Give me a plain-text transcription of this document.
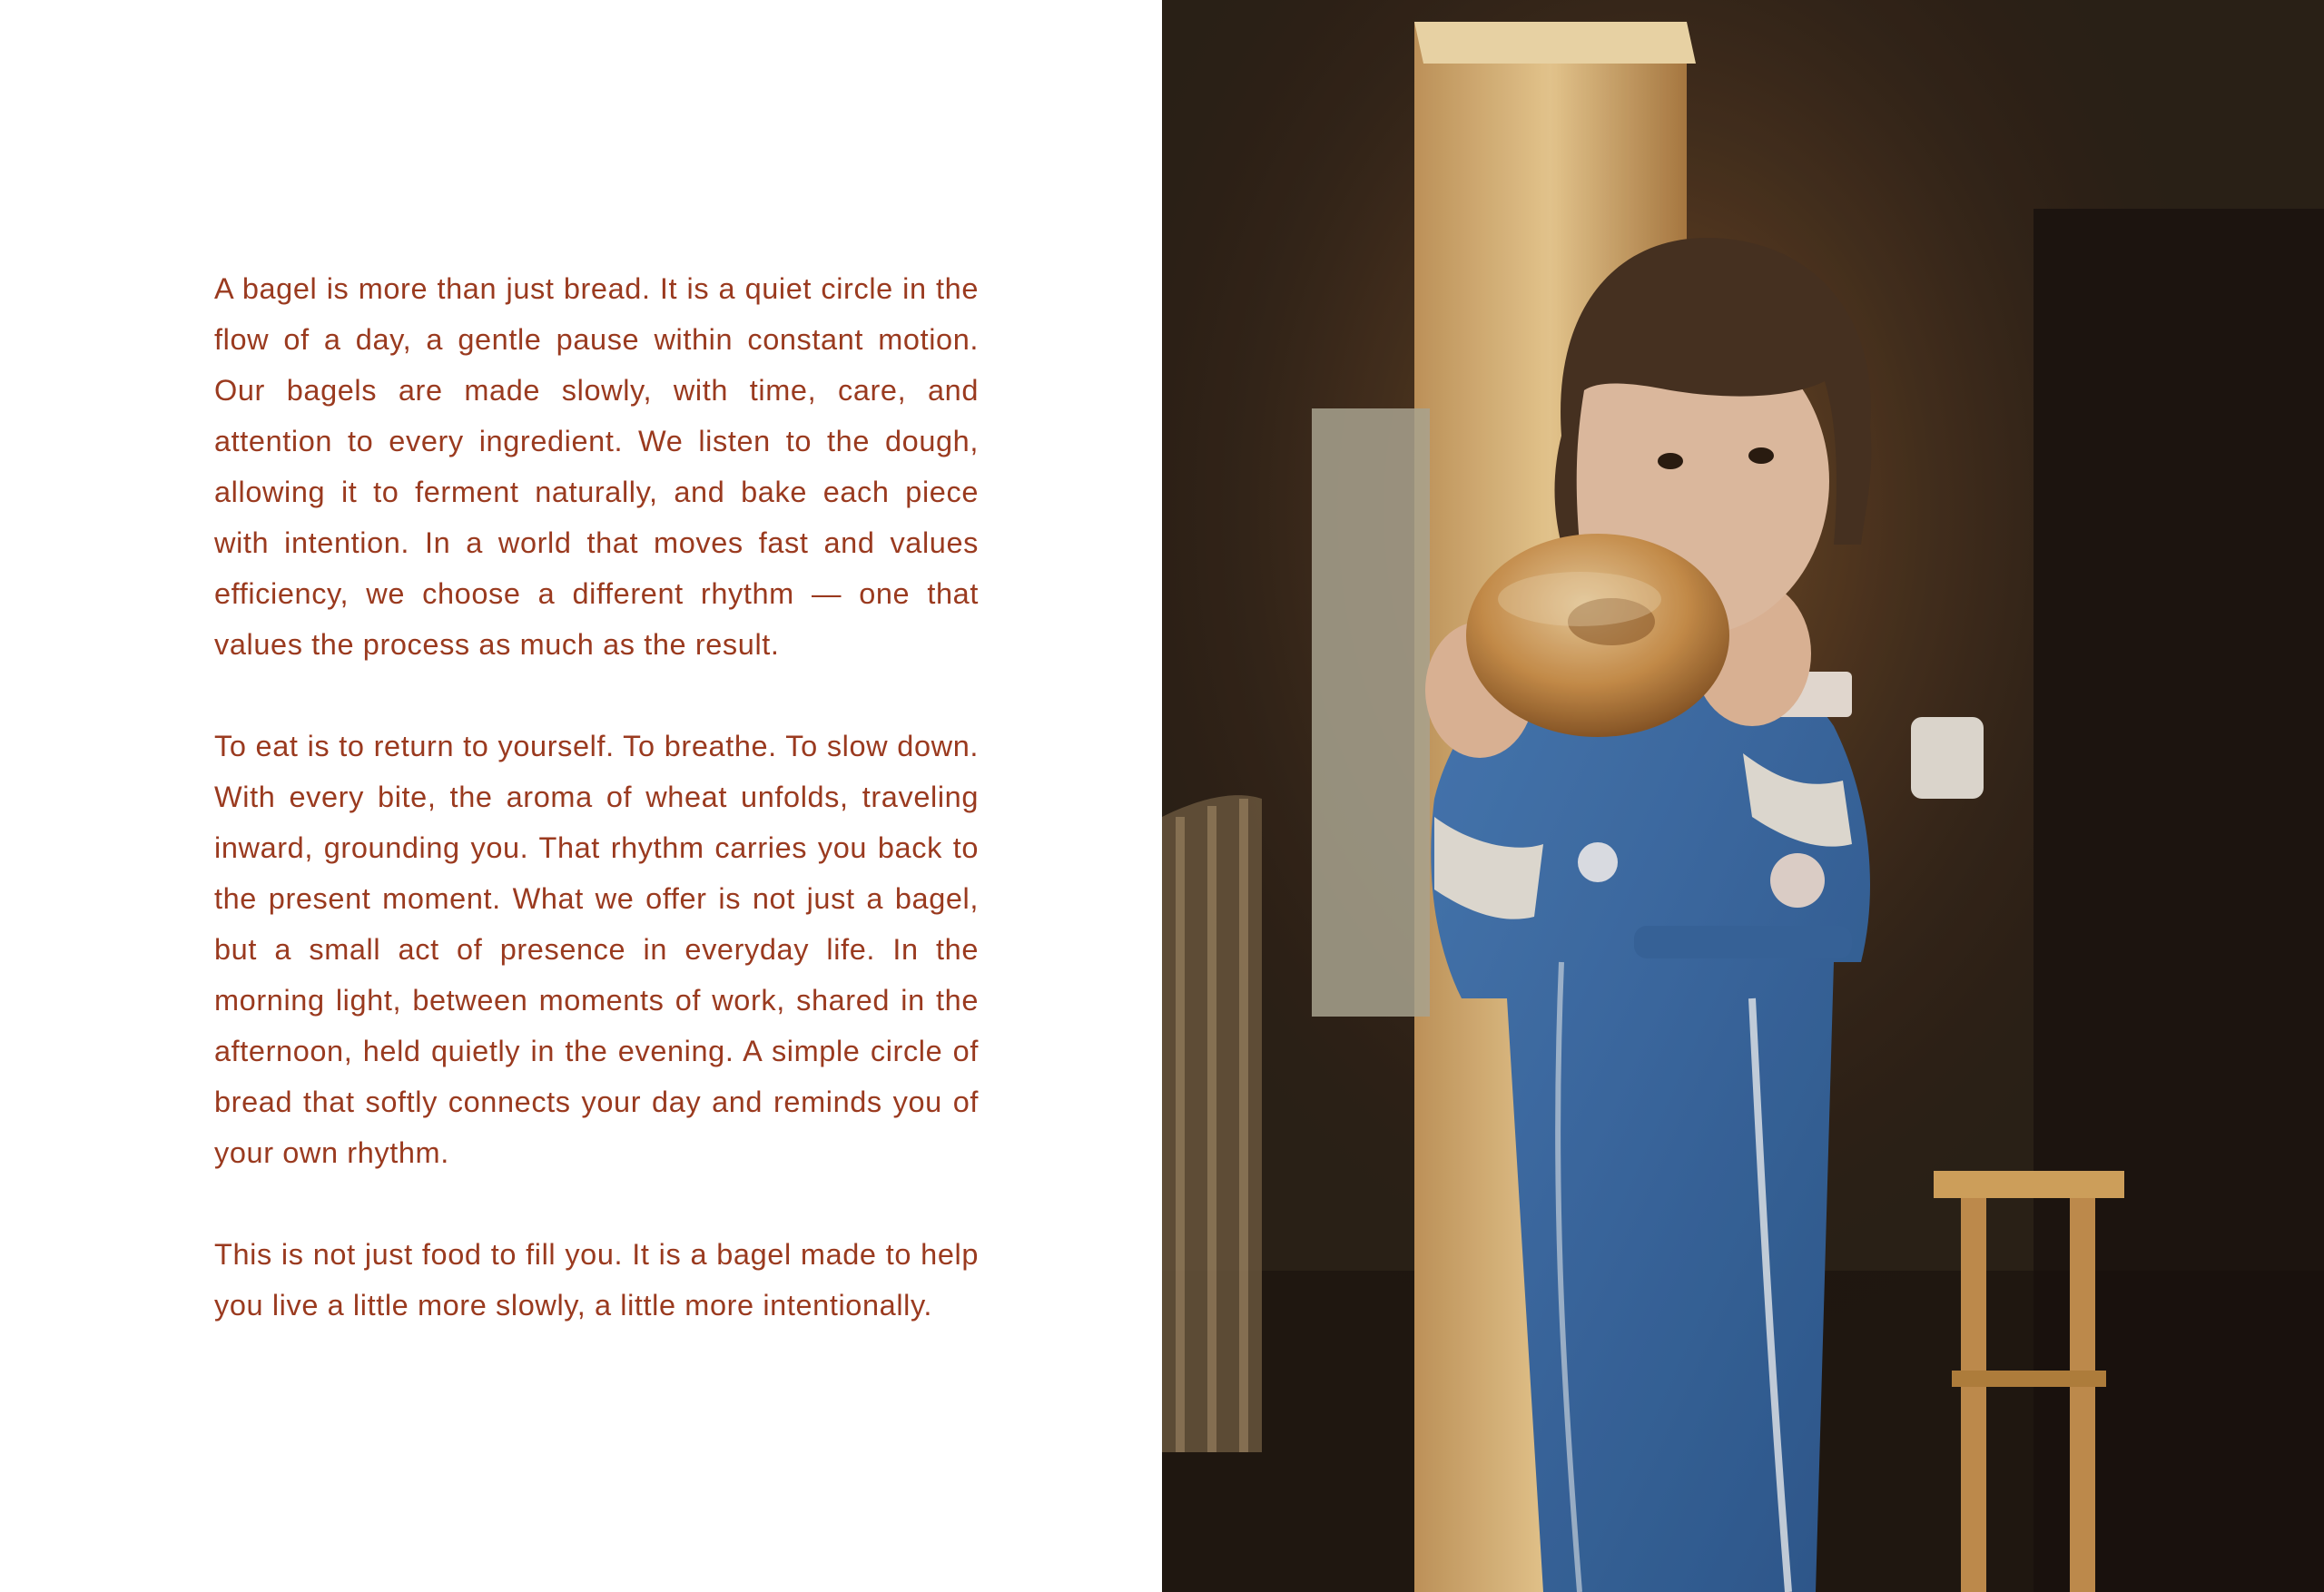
A bagel is more than just bread. It is a quiet circle in the flow of a day, a gentle pause within constant motion. Our bagels are made slowly, with time, care, and attention to every ingredient. We listen to the dough, allowing it to ferment naturally, and bake each piece with intention. In a world that moves fast and values efficiency, we choose a different rhythm — one that values the process as much as the result.

To eat is to return to yourself. To breathe. To slow down. With every bite, the aroma of wheat unfolds, traveling inward, grounding you. That rhythm carries you back to the present moment. What we offer is not just a bagel, but a small act of presence in everyday life. In the morning light, between moments of work, shared in the afternoon, held quietly in the evening. A simple circle of bread that softly connects your day and reminds you of your own rhythm.

This is not just food to fill you. It is a bagel made to help you live a little more slowly, a little more intentionally.
